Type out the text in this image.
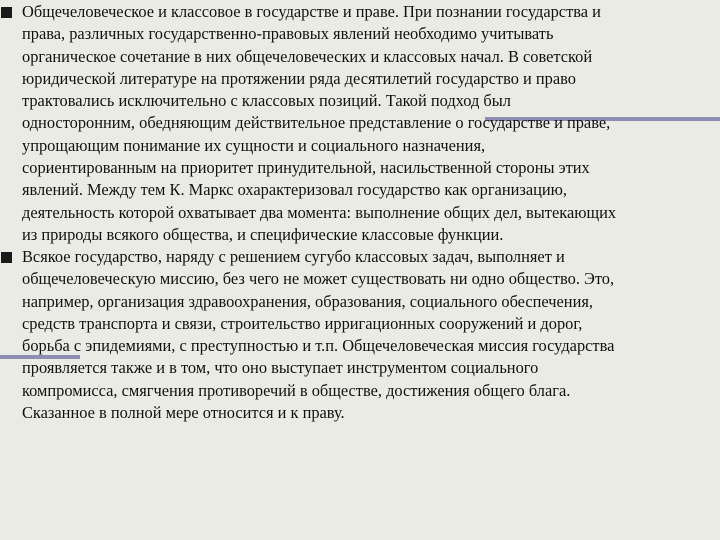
Общечеловеческое и классовое в государстве и праве. При познании государства и
права, различных государственно-правовых явлений необходимо учитывать
органическое сочетание в них общечеловеческих и классовых начал. В советской
юридической литературе на протяжении ряда десятилетий государство и право
трактовались исключительно с классовых позиций. Такой подход был
односторонним, обедняющим действительное представление о государстве и праве,
упрощающим понимание их сущности и социального назначения,
сориентированным на приоритет принудительной, насильственной стороны этих
явлений. Между тем К. Маркс охарактеризовал государство как организацию,
деятельность которой охватывает два момента: выполнение общих дел, вытекающих
из природы всякого общества, и специфические классовые функции.
Всякое государство, наряду с решением сугубо классовых задач, выполняет и
общечеловеческую миссию, без чего не может существовать ни одно общество. Это,
например, организация здравоохранения, образования, социального обеспечения,
средств транспорта и связи, строительство ирригационных сооружений и дорог,
борьба с эпидемиями, с преступностью и т.п. Общечеловеческая миссия государства
проявляется также и в том, что оно выступает инструментом социального
компромисса, смягчения противоречий в обществе, достижения общего блага.
Сказанное в полной мере относится и к праву.
